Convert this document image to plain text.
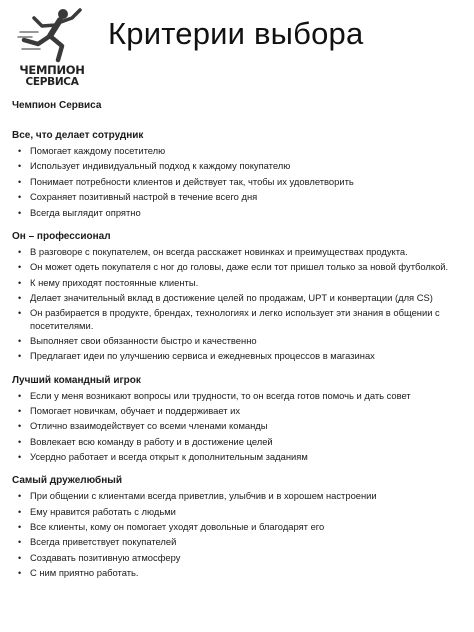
ЧЕМПИОН
СЕРВИСА
Критерии выбора
Чемпион Сервиса
Все, что делает сотрудник
• Помогает каждому посетителю
• Использует индивидуальный подход к каждому покупателю
• Понимает потребности клиентов и действует так, чтобы их удовлетворить
• Сохраняет позитивный настрой в течение всего дня
• Всегда выглядит опрятно
Он – профессионал
• В разговоре с покупателем, он всегда расскажет новинках и преимуществах продукта.
• Он может одеть покупателя с ног до головы, даже если тот пришел только за новой футболкой.
• К нему приходят постоянные клиенты.
• Делает значительный вклад в достижение целей по продажам, UPT и конвертации (для CS)
• Он разбирается в продукте, брендах, технологиях и легко использует эти знания в общении с посетителями.
• Выполняет свои обязанности быстро и качественно
• Предлагает идеи по улучшению сервиса и ежедневных процессов в магазинах
Лучший командный игрок
• Если у меня возникают вопросы или трудности, то он всегда готов помочь и дать совет
• Помогает новичкам, обучает и поддерживает их
• Отлично взаимодействует со всеми членами команды
• Вовлекает всю команду в работу и в достижение целей
• Усердно работает и всегда открыт к дополнительным заданиям
Самый дружелюбный
• При общении с клиентами всегда приветлив, улыбчив и в хорошем настроении
• Ему нравится работать с людьми
• Все клиенты, кому он помогает уходят довольные и благодарят его
• Всегда приветствует покупателей
• Создавать позитивную атмосферу
• С ним приятно работать.
